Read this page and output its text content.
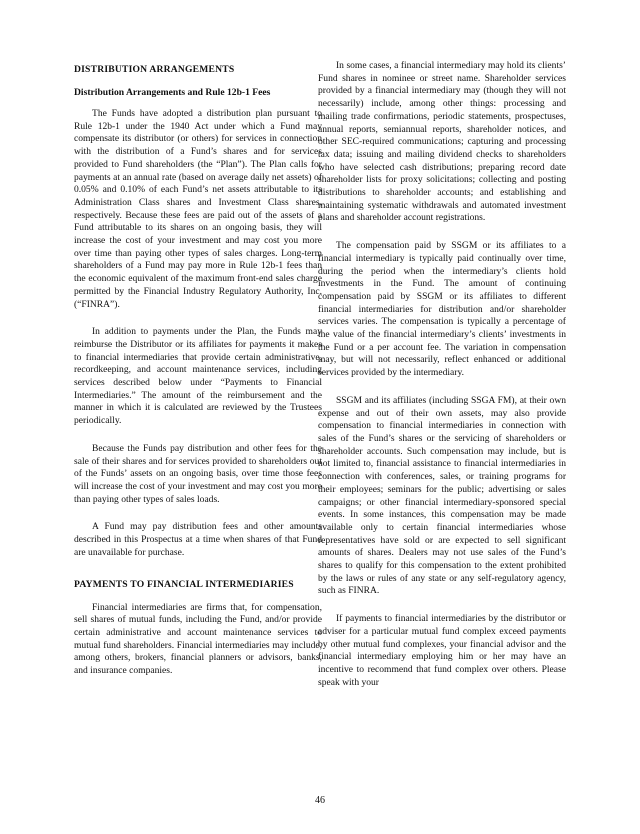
DISTRIBUTION ARRANGEMENTS
Distribution Arrangements and Rule 12b-1 Fees

The Funds have adopted a distribution plan pursuant to Rule 12b-1 under the 1940 Act under which a Fund may compensate its distributor (or others) for services in connection with the distribution of a Fund’s shares and for services provided to Fund shareholders (the “Plan”). The Plan calls for payments at an annual rate (based on average daily net assets) of 0.05% and 0.10% of each Fund’s net assets attributable to its Administration Class shares and Investment Class shares, respectively. Because these fees are paid out of the assets of a Fund attributable to its shares on an ongoing basis, they will increase the cost of your investment and may cost you more over time than paying other types of sales charges. Long-term shareholders of a Fund may pay more in Rule 12b-1 fees than the economic equivalent of the maximum front-end sales charge permitted by the Financial Industry Regulatory Authority, Inc. (“FINRA”).

In addition to payments under the Plan, the Funds may reimburse the Distributor or its affiliates for payments it makes to financial intermediaries that provide certain administrative, recordkeeping, and account maintenance services, including services described below under “Payments to Financial Intermediaries.” The amount of the reimbursement and the manner in which it is calculated are reviewed by the Trustees periodically.

Because the Funds pay distribution and other fees for the sale of their shares and for services provided to shareholders out of the Funds’ assets on an ongoing basis, over time those fees will increase the cost of your investment and may cost you more than paying other types of sales loads.

A Fund may pay distribution fees and other amounts described in this Prospectus at a time when shares of that Fund are unavailable for purchase.

PAYMENTS TO FINANCIAL INTERMEDIARIES

Financial intermediaries are firms that, for compensation, sell shares of mutual funds, including the Fund, and/or provide certain administrative and account maintenance services to mutual fund shareholders. Financial intermediaries may include, among others, brokers, financial planners or advisors, banks, and insurance companies.

In some cases, a financial intermediary may hold its clients’ Fund shares in nominee or street name. Shareholder services provided by a financial intermediary may (though they will not necessarily) include, among other things: processing and mailing trade confirmations, periodic statements, prospectuses, annual reports, semiannual reports, shareholder notices, and other SEC-required communications; capturing and processing tax data; issuing and mailing dividend checks to shareholders who have selected cash distributions; preparing record date shareholder lists for proxy solicitations; collecting and posting distributions to shareholder accounts; and establishing and maintaining systematic withdrawals and automated investment plans and shareholder account registrations.

The compensation paid by SSGM or its affiliates to a financial intermediary is typically paid continually over time, during the period when the intermediary’s clients hold investments in the Fund. The amount of continuing compensation paid by SSGM or its affiliates to different financial intermediaries for distribution and/or shareholder services varies. The compensation is typically a percentage of the value of the financial intermediary’s clients’ investments in the Fund or a per account fee. The variation in compensation may, but will not necessarily, reflect enhanced or additional services provided by the intermediary.

SSGM and its affiliates (including SSGA FM), at their own expense and out of their own assets, may also provide compensation to financial intermediaries in connection with sales of the Fund’s shares or the servicing of shareholders or shareholder accounts. Such compensation may include, but is not limited to, financial assistance to financial intermediaries in connection with conferences, sales, or training programs for their employees; seminars for the public; advertising or sales campaigns; or other financial intermediary-sponsored special events. In some instances, this compensation may be made available only to certain financial intermediaries whose representatives have sold or are expected to sell significant amounts of shares. Dealers may not use sales of the Fund’s shares to qualify for this compensation to the extent prohibited by the laws or rules of any state or any self-regulatory agency, such as FINRA.

If payments to financial intermediaries by the distributor or adviser for a particular mutual fund complex exceed payments by other mutual fund complexes, your financial advisor and the financial intermediary employing him or her may have an incentive to recommend that fund complex over others. Please speak with your

46
